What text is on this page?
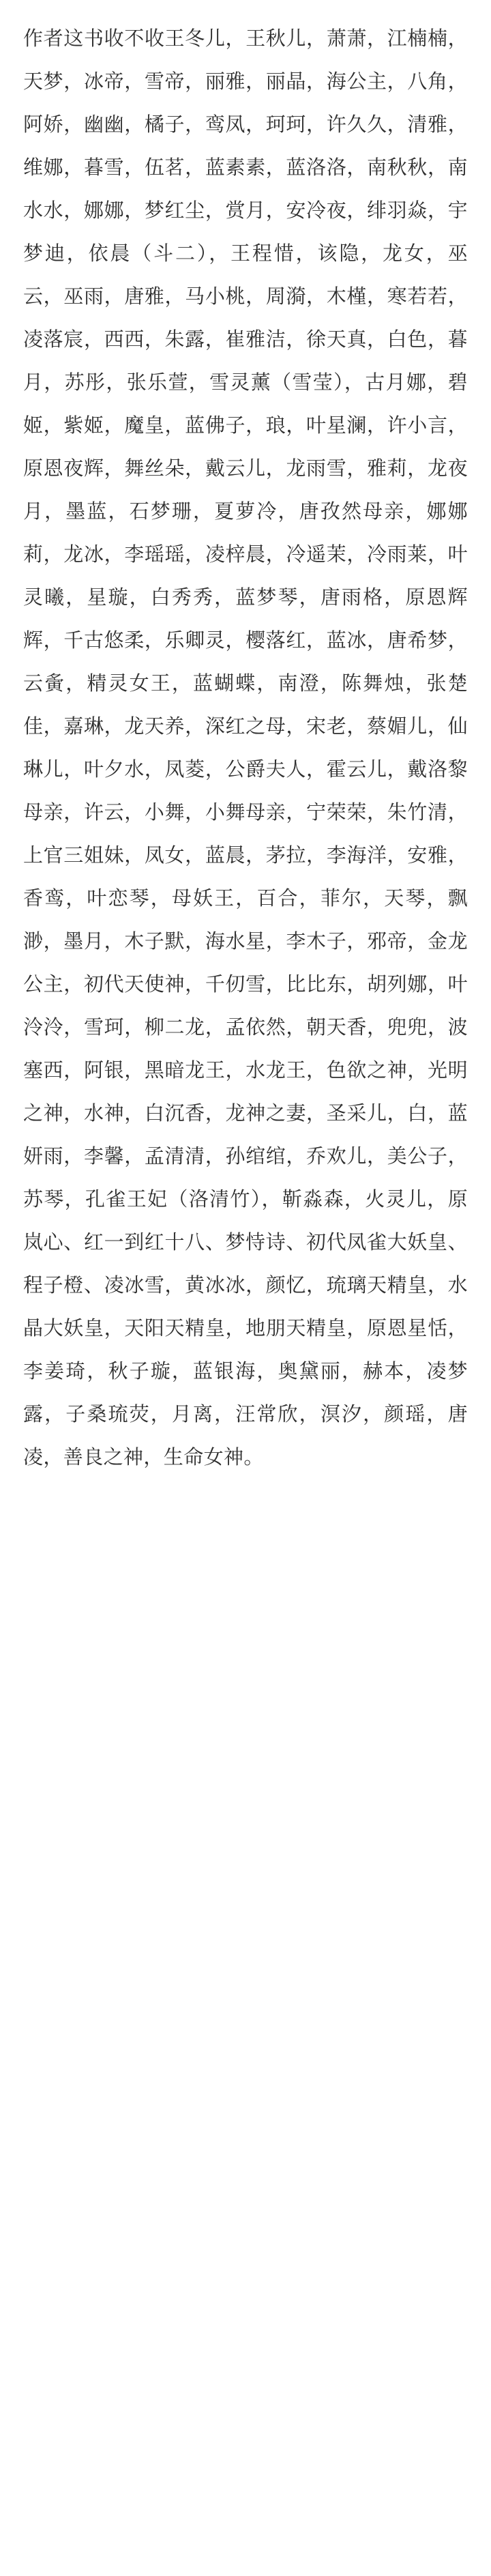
作者这书收不收王冬儿，王秋儿，萧萧，江楠楠，天梦，冰帝，雪帝，丽雅，丽晶，海公主，八角，阿娇，幽幽，橘子，鸾凤，珂珂，许久久，清雅，维娜，暮雪，伍茗，蓝素素，蓝洛洛，南秋秋，南水水，娜娜，梦红尘，赏月，安冷夜，绯羽焱，宇梦迪，依晨（斗二），王程惜，该隐，龙女，巫云，巫雨，唐雅，马小桃，周漪，木槿，寒若若，凌落宸，西西，朱露，崔雅洁，徐天真，白色，暮月，苏彤，张乐萱，雪灵薰（雪莹），古月娜，碧姬，紫姬，魔皇，蓝佛子，琅，叶星澜，许小言，原恩夜辉，舞丝朵，戴云儿，龙雨雪，雅莉，龙夜月，墨蓝，石梦珊，夏萝冷，唐孜然母亲，娜娜莉，龙冰，李瑶瑶，凌梓晨，冷遥茉，冷雨莱，叶灵曦，星璇，白秀秀，蓝梦琴，唐雨格，原恩辉辉，千古悠柔，乐卿灵，樱落红，蓝冰，唐希梦，云夤，精灵女王，蓝蝴蝶，南澄，陈舞烛，张楚佳，嘉琳，龙天养，深红之母，宋老，蔡媚儿，仙琳儿，叶夕水，凤菱，公爵夫人，霍云儿，戴洛黎母亲，许云，小舞，小舞母亲，宁荣荣，朱竹清，上官三姐妹，凤女，蓝晨，茅拉，李海洋，安雅，香鸾，叶恋琴，母妖王，百合，菲尔，天琴，飘渺，墨月，木子默，海水星，李木子，邪帝，金龙公主，初代天使神，千仞雪，比比东，胡列娜，叶泠泠，雪珂，柳二龙，孟依然，朝天香，兜兜，波塞西，阿银，黑暗龙王，水龙王，色欲之神，光明之神，水神，白沉香，龙神之妻，圣采儿，白，蓝妍雨，李馨，孟清清，孙绾绾，乔欢儿，美公子，苏琴，孔雀王妃（洛清竹），靳淼森，火灵儿，原岚心、红一到红十八、梦恃诗、初代凤雀大妖皇、程子橙、凌冰雪，黄冰冰，颜忆，琉璃天精皇，水晶大妖皇，天阳天精皇，地朋天精皇，原恩星恬，李姜琦，秋子璇，蓝银海，奥黛丽，赫本，凌梦露，子桑琉荧，月离，汪常欣，溟汐，颜瑶，唐凌，善良之神，生命女神。
